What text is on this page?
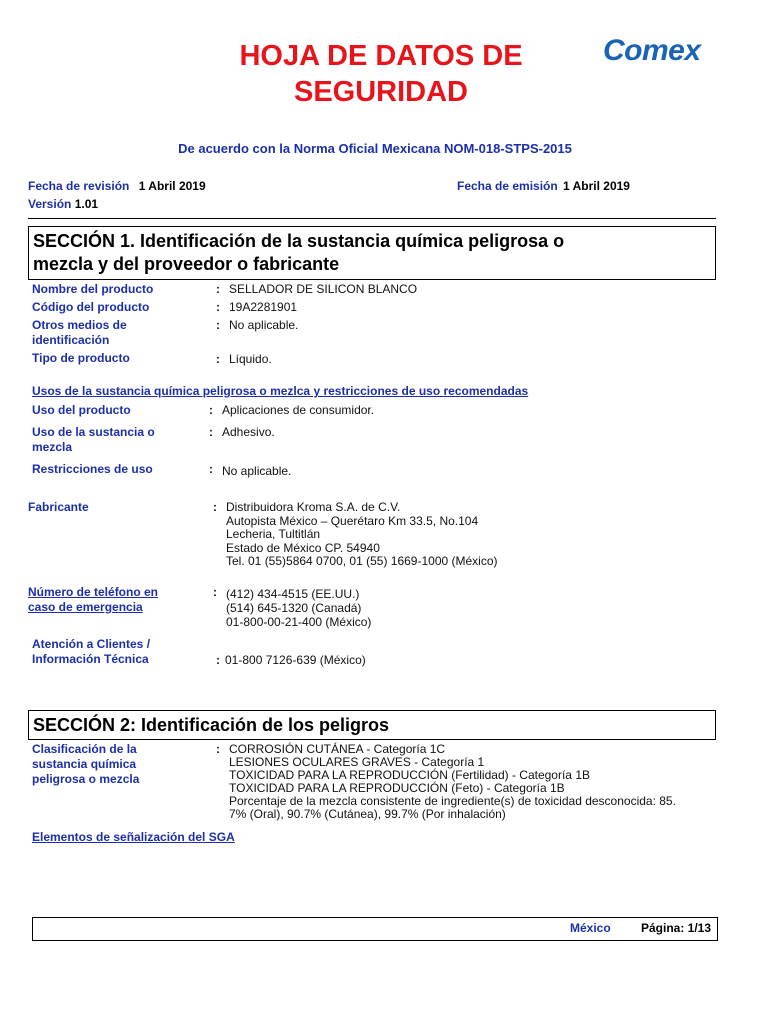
HOJA DE DATOS DE
SEGURIDAD
Comex
De acuerdo con la Norma Oficial Mexicana NOM-018-STPS-2015
Fecha de revisión 1 Abril 2019	Fecha de emisión 1 Abril 2019
Versión 1.01
SECCIÓN 1. Identificación de la sustancia química peligrosa o
mezcla y del proveedor o fabricante
Nombre del producto	: SELLADOR DE SILICON BLANCO
Código del producto	: 19A2281901
Otros medios de
identificación
: No aplicable.
Tipo de producto	: Líquido.
Usos de la sustancia química peligrosa o mezlca y restricciones de uso recomendadas
Uso del producto	: Aplicaciones de consumidor.
Uso de la sustancia o
mezcla
: Adhesivo.
Restricciones de uso	: No aplicable.
Fabricante	: Distribuidora Kroma S.A. de C.V.
Autopista México – Querétaro Km 33.5, No.104
Lecheria, Tultitlán
Estado de México CP. 54940
Tel. 01 (55)5864 0700, 01 (55) 1669-1000 (México)
Número de teléfono en
caso de emergencia
: (412) 434-4515 (EE.UU.)
(514) 645-1320 (Canadá)
01-800-00-21-400 (México)
Atención a Clientes /
Información Técnica	: 01-800 7126-639 (México)
SECCIÓN 2: Identificación de los peligros
Clasificación de la
sustancia química
peligrosa o mezcla
: CORROSIÓN CUTÁNEA - Categoría 1C
LESIONES OCULARES GRAVES - Categoría 1
TOXICIDAD PARA LA REPRODUCCIÓN (Fertilidad) - Categoría 1B
TOXICIDAD PARA LA REPRODUCCIÓN (Feto) - Categoría 1B
Porcentaje de la mezcla consistente de ingrediente(s) de toxicidad desconocida: 85.
7% (Oral), 90.7% (Cutánea), 99.7% (Por inhalación)
Elementos de señalización del SGA
México	Página: 1/13
